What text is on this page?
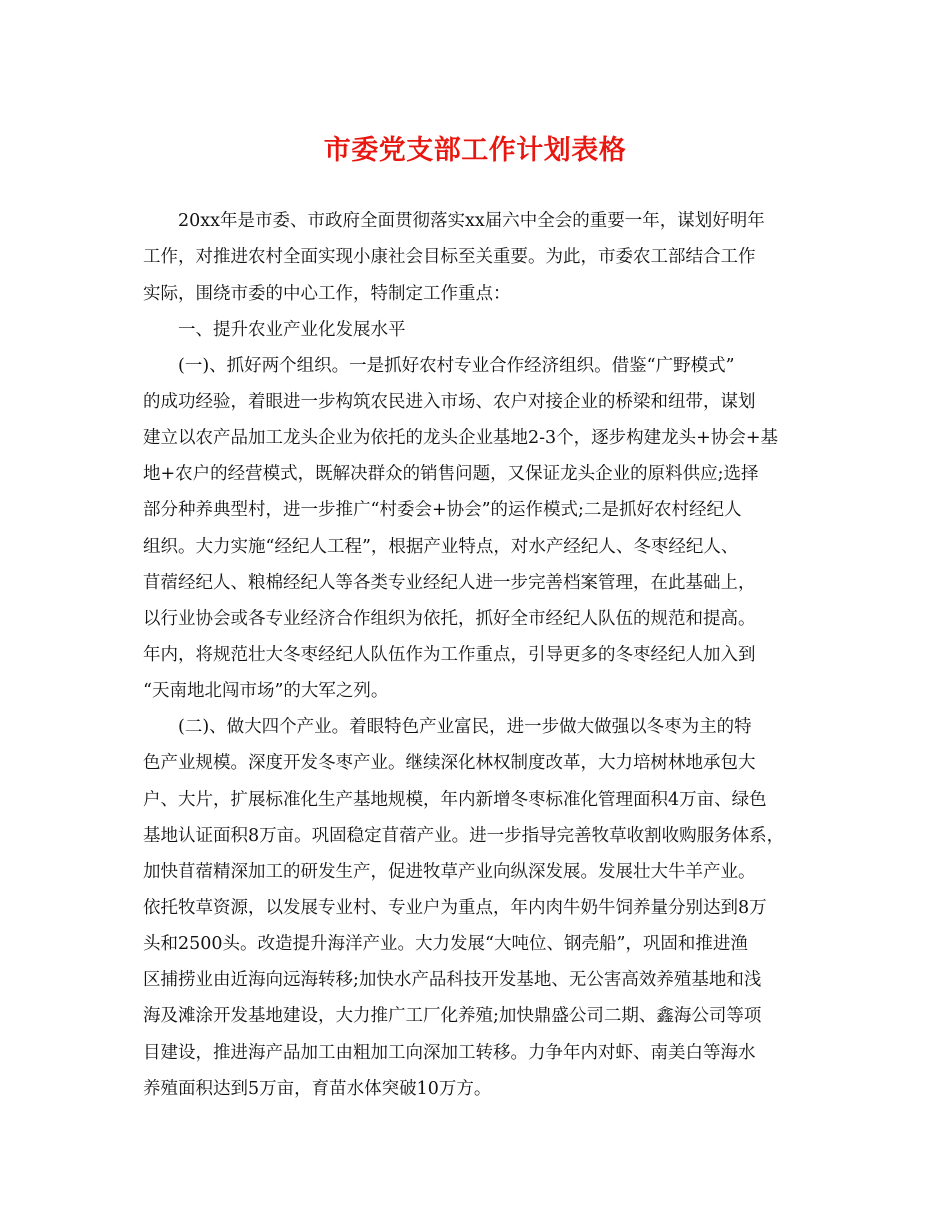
市委党支部工作计划表格
20xx年是市委、市政府全面贯彻落实xx届六中全会的重要一年，谋划好明年
工作，对推进农村全面实现小康社会目标至关重要。为此，市委农工部结合工作
实际，围绕市委的中心工作，特制定工作重点：
一、提升农业产业化发展水平
(一)、抓好两个组织。一是抓好农村专业合作经济组织。借鉴“广野模式”
的成功经验，着眼进一步构筑农民进入市场、农户对接企业的桥梁和纽带，谋划
建立以农产品加工龙头企业为依托的龙头企业基地2-3个，逐步构建龙头+协会+基
地+农户的经营模式，既解决群众的销售问题，又保证龙头企业的原料供应;选择
部分种养典型村，进一步推广“村委会+协会”的运作模式;二是抓好农村经纪人
组织。大力实施“经纪人工程”，根据产业特点，对水产经纪人、冬枣经纪人、
苜蓿经纪人、粮棉经纪人等各类专业经纪人进一步完善档案管理，在此基础上，
以行业协会或各专业经济合作组织为依托，抓好全市经纪人队伍的规范和提高。
年内，将规范壮大冬枣经纪人队伍作为工作重点，引导更多的冬枣经纪人加入到
“天南地北闯市场”的大军之列。
(二)、做大四个产业。着眼特色产业富民，进一步做大做强以冬枣为主的特
色产业规模。深度开发冬枣产业。继续深化林权制度改革，大力培树林地承包大
户、大片，扩展标准化生产基地规模，年内新增冬枣标准化管理面积4万亩、绿色
基地认证面积8万亩。巩固稳定苜蓿产业。进一步指导完善牧草收割收购服务体系，
加快苜蓿精深加工的研发生产，促进牧草产业向纵深发展。发展壮大牛羊产业。
依托牧草资源，以发展专业村、专业户为重点，年内肉牛奶牛饲养量分别达到8万
头和2500头。改造提升海洋产业。大力发展“大吨位、钢壳船”，巩固和推进渔
区捕捞业由近海向远海转移;加快水产品科技开发基地、无公害高效养殖基地和浅
海及滩涂开发基地建设，大力推广工厂化养殖;加快鼎盛公司二期、鑫海公司等项
目建设，推进海产品加工由粗加工向深加工转移。力争年内对虾、南美白等海水
养殖面积达到5万亩，育苗水体突破10万方。
